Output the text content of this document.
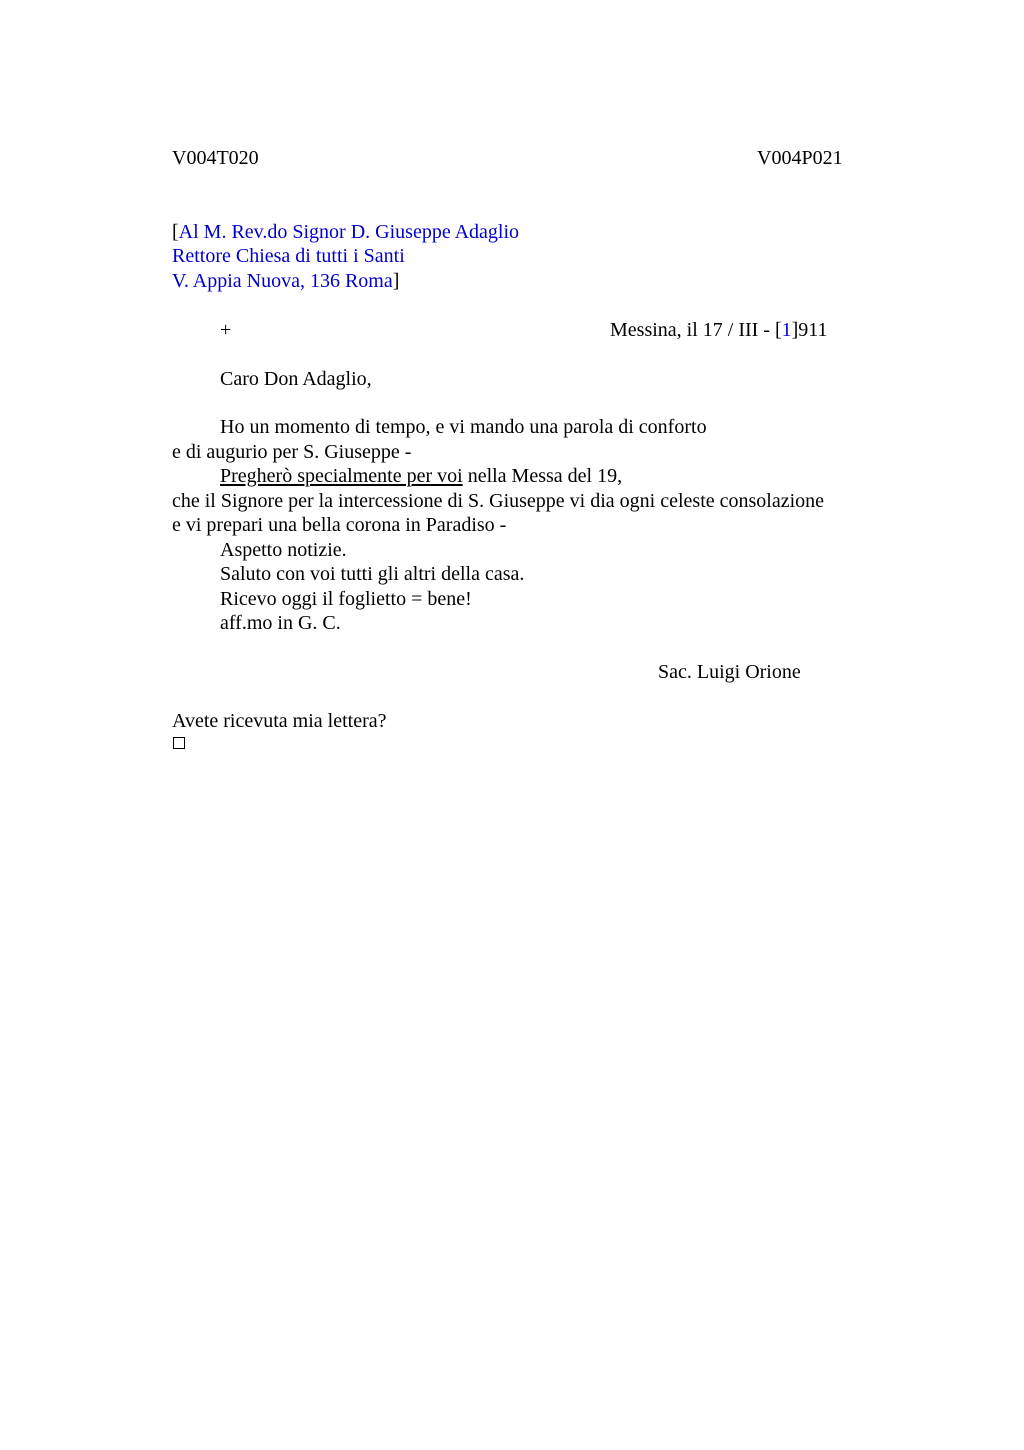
V004T020	V004P021
[Al M. Rev.do Signor D. Giuseppe Adaglio
Rettore Chiesa di tutti i Santi
V. Appia Nuova, 136 Roma]
+	Messina, il 17 / III - [1]911
Caro Don Adaglio,
Ho un momento di tempo, e vi mando una parola di conforto
e di augurio per S. Giuseppe -
Pregherò specialmente per voi nella Messa del 19,
che il Signore per la intercessione di S. Giuseppe vi dia ogni celeste consolazione
e vi prepari una bella corona in Paradiso -
Aspetto notizie.
Saluto con voi tutti gli altri della casa.
Ricevo oggi il foglietto = bene!
aff.mo in G. C.
Sac. Luigi Orione
Avete ricevuta mia lettera?
